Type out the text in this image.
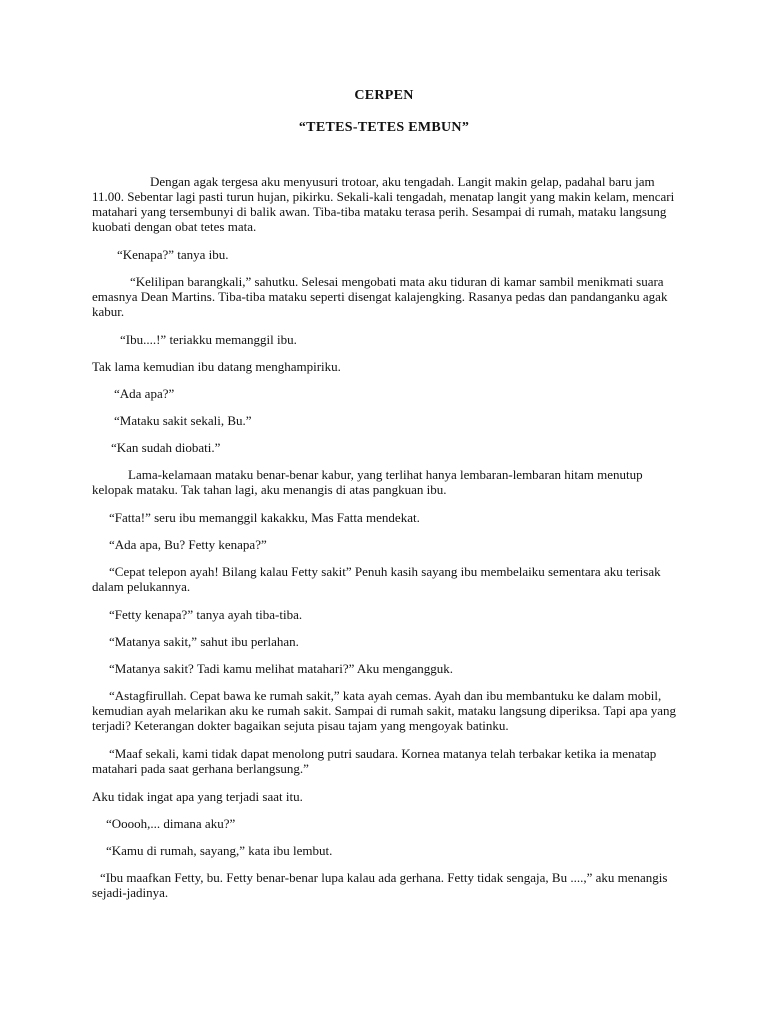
CERPEN
“TETES-TETES EMBUN”

Dengan agak tergesa aku menyusuri trotoar, aku tengadah. Langit makin gelap, padahal baru jam 11.00. Sebentar lagi pasti turun hujan, pikirku. Sekali-kali tengadah, menatap langit yang makin kelam, mencari matahari yang tersembunyi di balik awan. Tiba-tiba mataku terasa perih. Sesampai di rumah, mataku langsung kuobati dengan obat tetes mata.

“Kenapa?” tanya ibu.

“Kelilipan barangkali,” sahutku. Selesai mengobati mata aku tiduran di kamar sambil menikmati suara emasnya Dean Martins. Tiba-tiba mataku seperti disengat kalajengking. Rasanya pedas dan pandanganku agak kabur.

“Ibu....!” teriakku memanggil ibu.

Tak lama kemudian ibu datang menghampiriku.

“Ada apa?”

“Mataku sakit sekali, Bu.”

“Kan sudah diobati.”

Lama-kelamaan mataku benar-benar kabur, yang terlihat hanya lembaran-lembaran hitam menutup kelopak mataku. Tak tahan lagi, aku menangis di atas pangkuan ibu.

“Fatta!” seru ibu memanggil kakakku, Mas Fatta mendekat.

“Ada apa, Bu? Fetty kenapa?”

“Cepat telepon ayah! Bilang kalau Fetty sakit” Penuh kasih sayang ibu membelaiku sementara aku terisak dalam pelukannya.

“Fetty kenapa?” tanya ayah tiba-tiba.

“Matanya sakit,” sahut ibu perlahan.

“Matanya sakit? Tadi kamu melihat matahari?” Aku mengangguk.

“Astagfirullah. Cepat bawa ke rumah sakit,” kata ayah cemas. Ayah dan ibu membantuku ke dalam mobil, kemudian ayah melarikan aku ke rumah sakit. Sampai di rumah sakit, mataku langsung diperiksa. Tapi apa yang terjadi? Keterangan dokter bagaikan sejuta pisau tajam yang mengoyak batinku.

“Maaf sekali, kami tidak dapat menolong putri saudara. Kornea matanya telah terbakar ketika ia menatap matahari pada saat gerhana berlangsung.”

Aku tidak ingat apa yang terjadi saat itu.

“Ooooh,... dimana aku?”

“Kamu di rumah, sayang,” kata ibu lembut.

“Ibu maafkan Fetty, bu. Fetty benar-benar lupa kalau ada gerhana. Fetty tidak sengaja, Bu ....,” aku menangis sejadi-jadinya.
